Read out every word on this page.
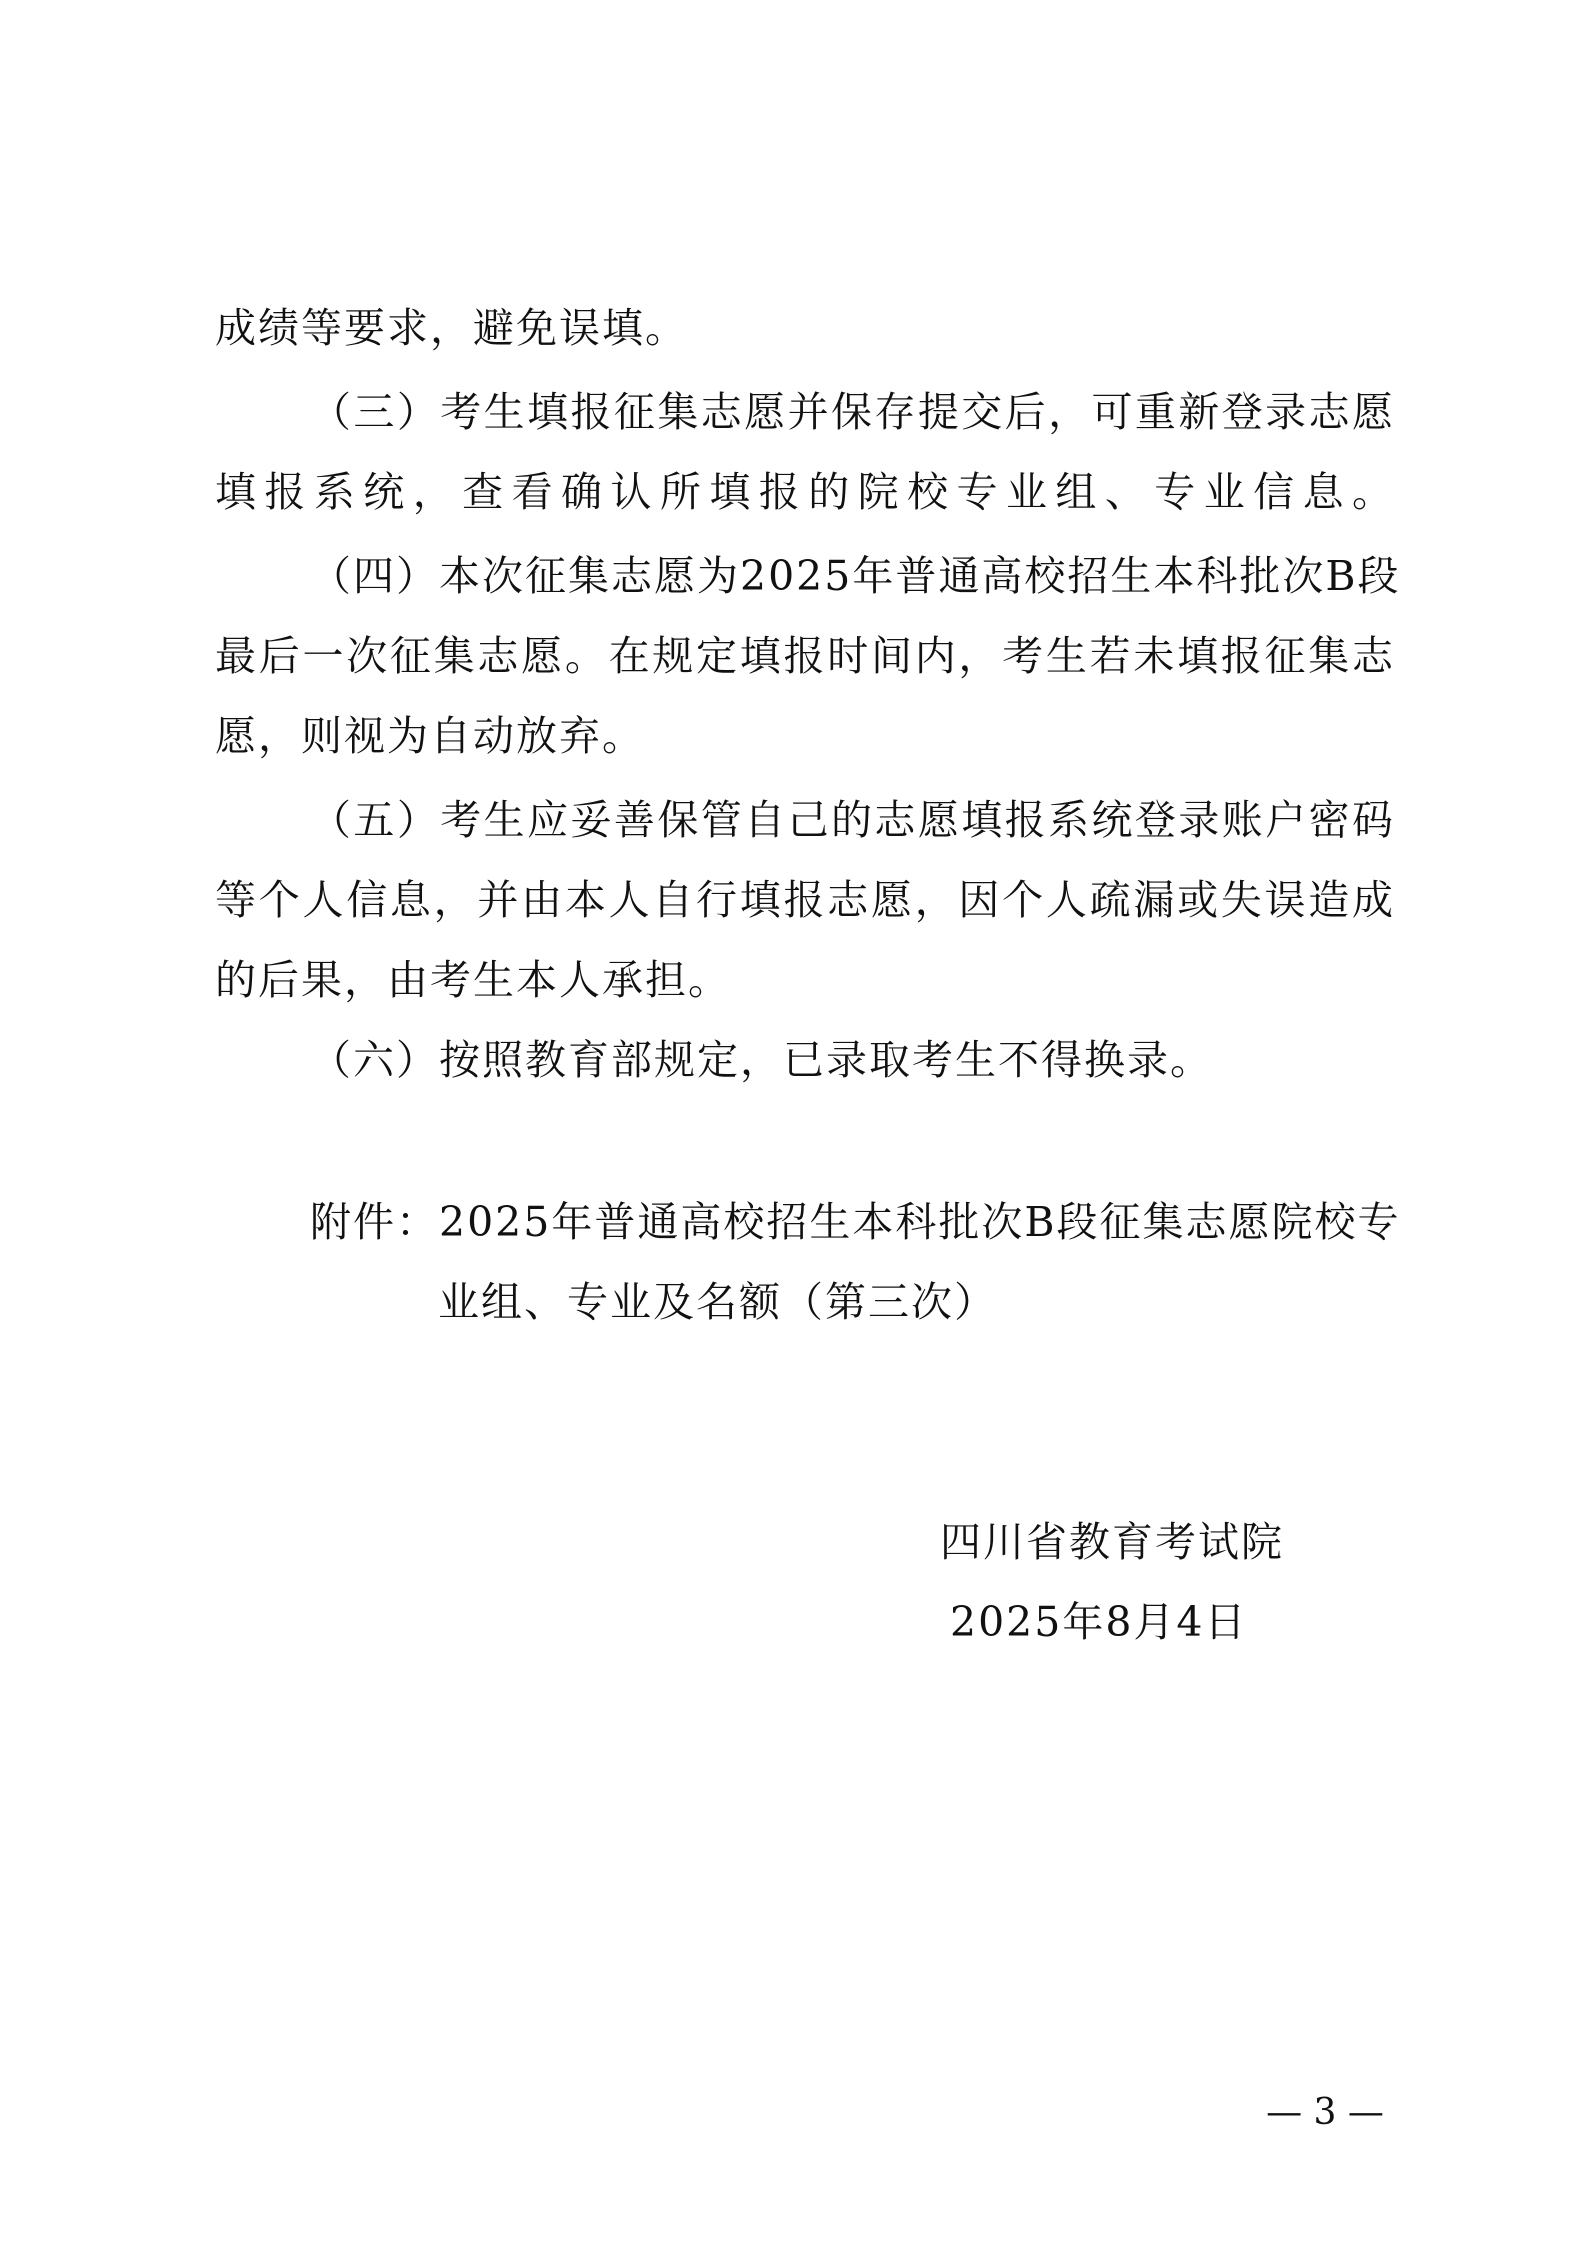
成绩等要求，避免误填。
（三）考生填报征集志愿并保存提交后，可重新登录志愿
填报系统，查看确认所填报的院校专业组、专业信息。
（四）本次征集志愿为2025年普通高校招生本科批次B段
最后一次征集志愿。在规定填报时间内，考生若未填报征集志
愿，则视为自动放弃。
（五）考生应妥善保管自己的志愿填报系统登录账户密码
等个人信息，并由本人自行填报志愿，因个人疏漏或失误造成
的后果，由考生本人承担。
（六）按照教育部规定，已录取考生不得换录。
附件：2025年普通高校招生本科批次B段征集志愿院校专
业组、专业及名额（第三次）
四川省教育考试院
2025年8月4日
— 3 —
